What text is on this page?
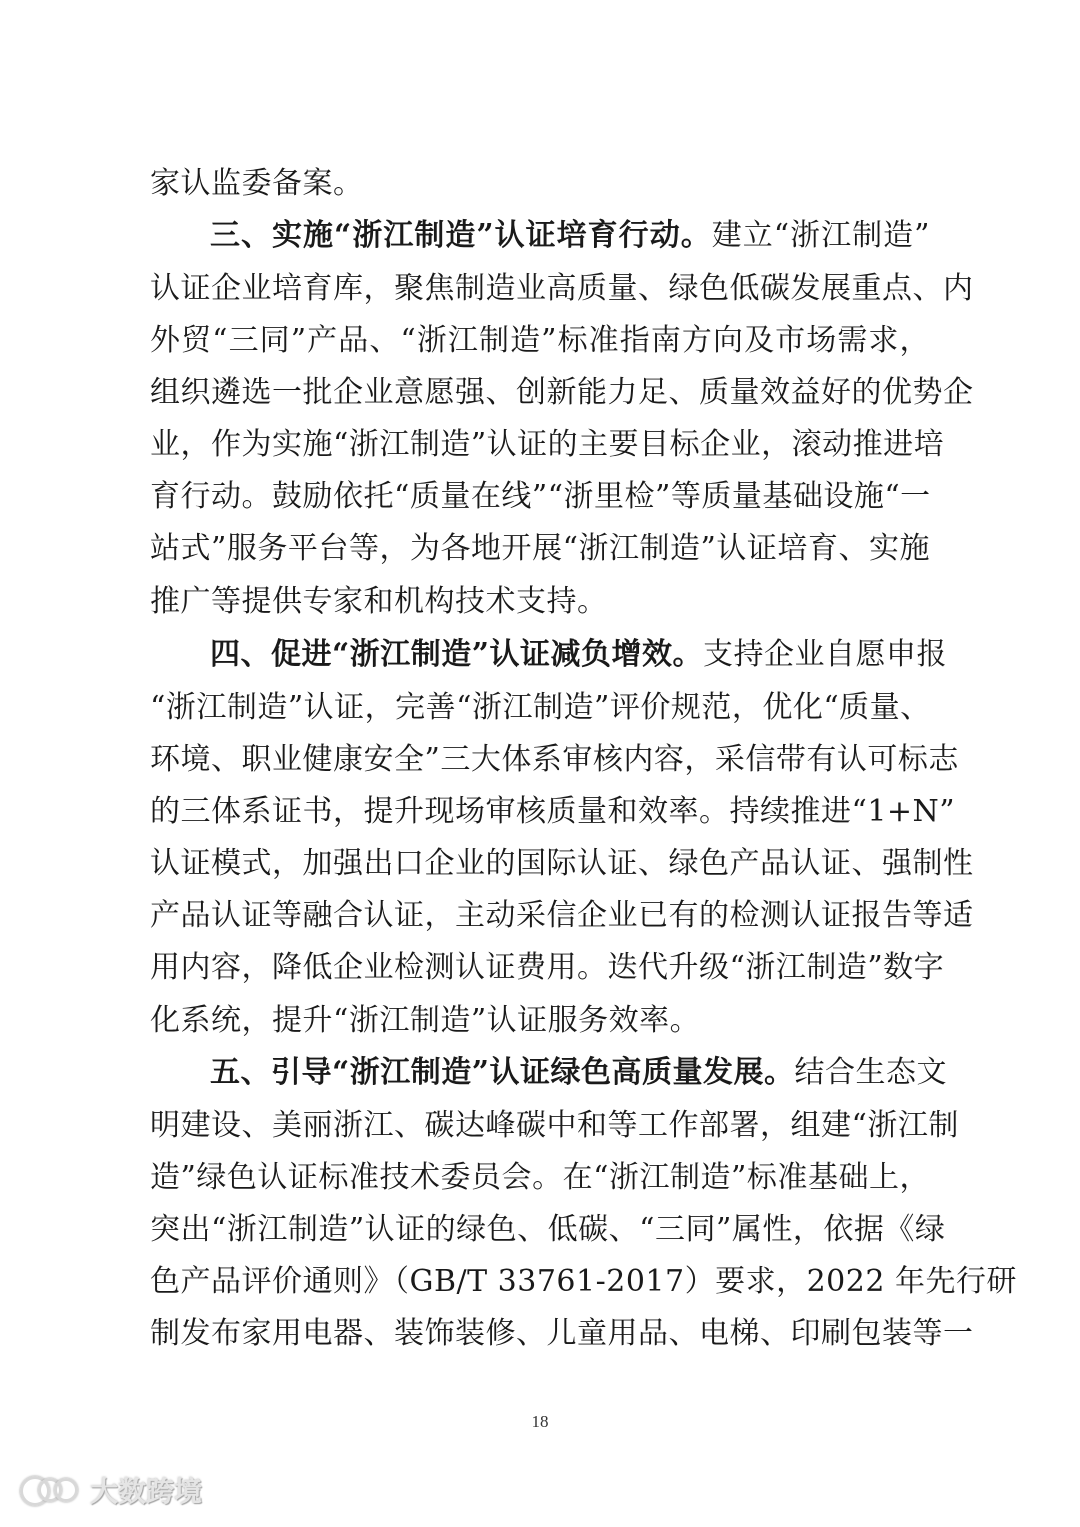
家认监委备案。
三、实施“浙江制造”认证培育行动。建立“浙江制造”
认证企业培育库，聚焦制造业高质量、绿色低碳发展重点、内
外贸“三同”产品、“浙江制造”标准指南方向及市场需求，
组织遴选一批企业意愿强、创新能力足、质量效益好的优势企
业，作为实施“浙江制造”认证的主要目标企业，滚动推进培
育行动。鼓励依托“质量在线”“浙里检”等质量基础设施“一
站式”服务平台等，为各地开展“浙江制造”认证培育、实施
推广等提供专家和机构技术支持。
四、促进“浙江制造”认证减负增效。支持企业自愿申报
“浙江制造”认证，完善“浙江制造”评价规范，优化“质量、
环境、职业健康安全”三大体系审核内容，采信带有认可标志
的三体系证书，提升现场审核质量和效率。持续推进“1+N”
认证模式，加强出口企业的国际认证、绿色产品认证、强制性
产品认证等融合认证，主动采信企业已有的检测认证报告等适
用内容，降低企业检测认证费用。迭代升级“浙江制造”数字
化系统，提升“浙江制造”认证服务效率。
五、引导“浙江制造”认证绿色高质量发展。结合生态文
明建设、美丽浙江、碳达峰碳中和等工作部署，组建“浙江制
造”绿色认证标准技术委员会。在“浙江制造”标准基础上，
突出“浙江制造”认证的绿色、低碳、“三同”属性，依据《绿
色产品评价通则》（GB/T 33761-2017）要求，2022 年先行研
制发布家用电器、装饰装修、儿童用品、电梯、印刷包装等一
18
大数跨境
